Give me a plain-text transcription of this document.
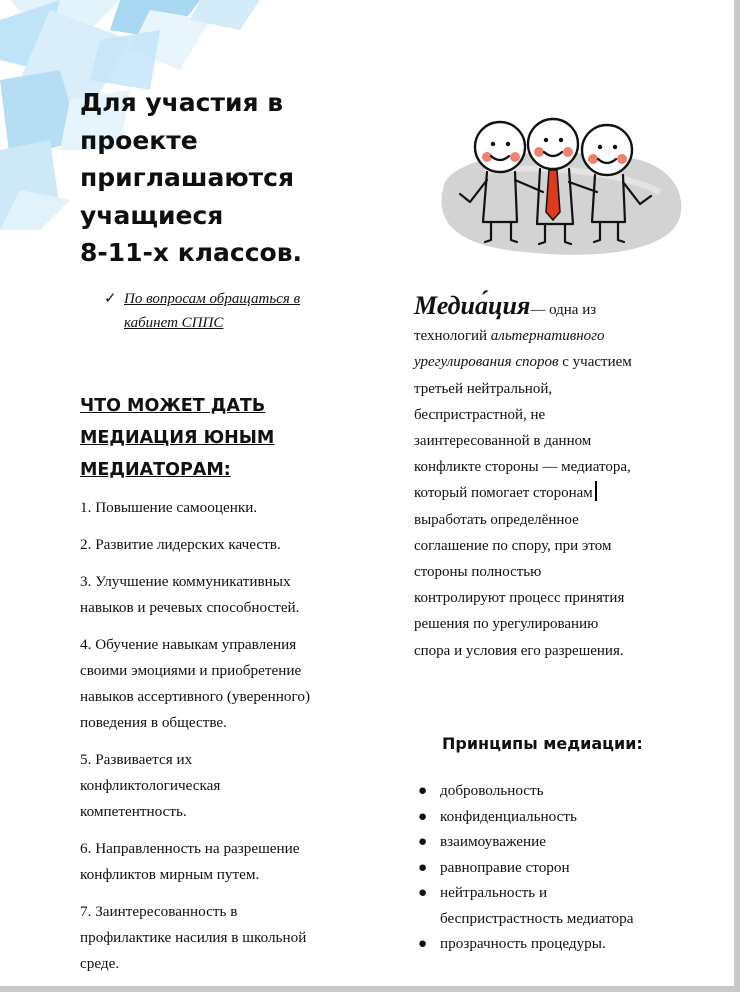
Для участия в
проекте
приглашаются
учащиеся
8-11-х классов.
✓ По вопросам обращаться в
кабинет СППС
ЧТО МОЖЕТ ДАТЬ
МЕДИАЦИЯ ЮНЫМ
МЕДИАТОРАМ:
1. Повышение самооценки.
2. Развитие лидерских качеств.
3. Улучшение коммуникативных
навыков и речевых способностей.
4. Обучение навыкам управления
своими эмоциями и приобретение
навыков ассертивного (уверенного)
поведения в обществе.
5. Развивается их
конфликтологическая
компетентность.
6. Направленность на разрешение
конфликтов мирным путем.
7. Заинтересованность в
профилактике насилия в школьной
среде.
Медиа́ция— одна из
технологий альтернативного
урегулирования споров с участием
третьей нейтральной,
беспристрастной, не
заинтересованной в данном
конфликте стороны — медиатора,
который помогает сторонам
выработать определённое
соглашение по спору, при этом
стороны полностью
контролируют процесс принятия
решения по урегулированию
спора и условия его разрешения.
Принципы медиации:
● добровольность
● конфиденциальность
● взаимоуважение
● равноправие сторон
● нейтральность и
беспристрастность медиатора
● прозрачность процедуры.
